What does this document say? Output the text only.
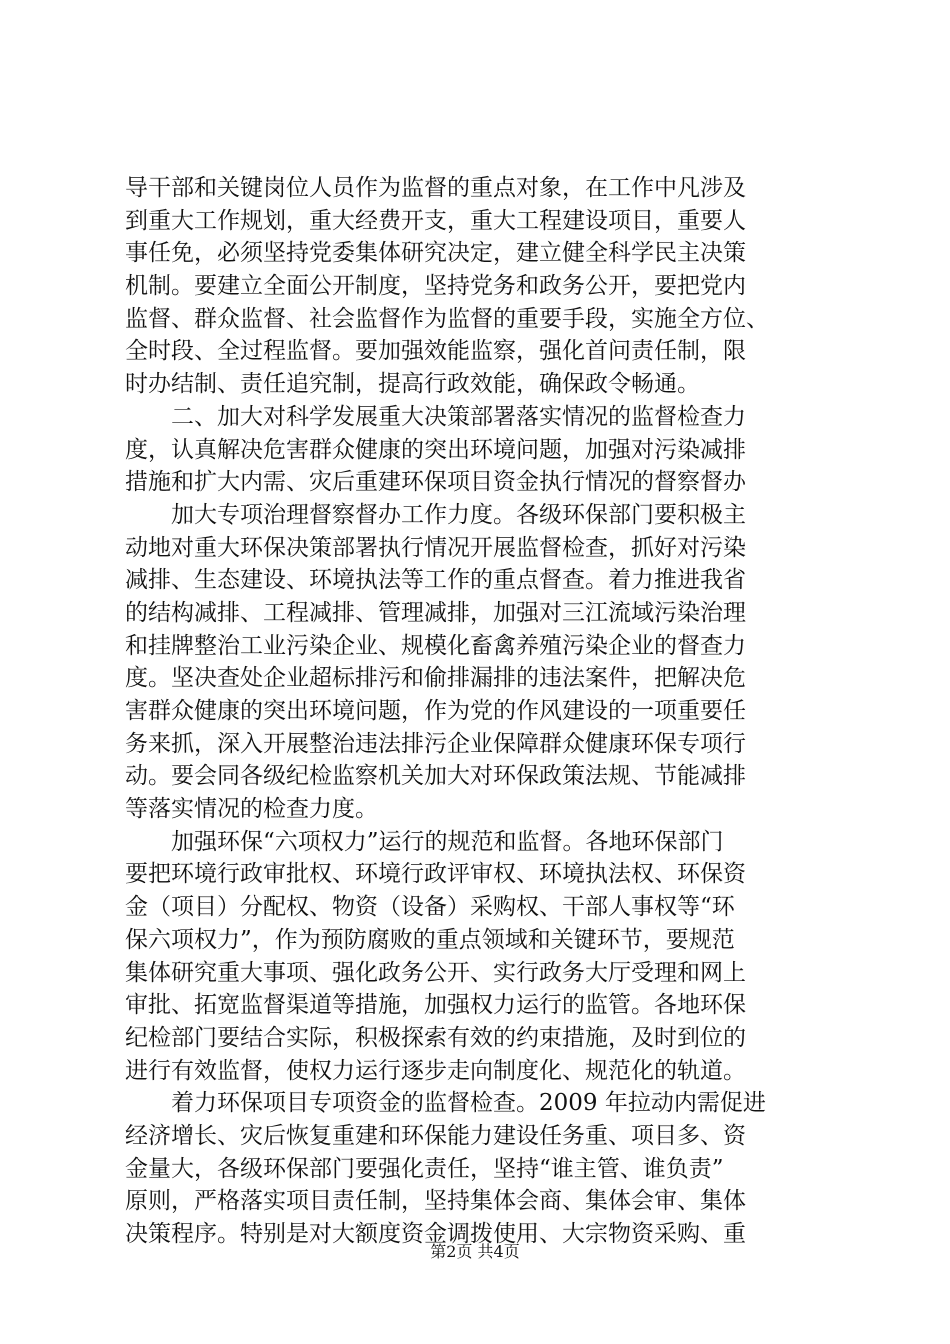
导干部和关键岗位人员作为监督的重点对象，在工作中凡涉及
到重大工作规划，重大经费开支，重大工程建设项目，重要人
事任免，必须坚持党委集体研究决定，建立健全科学民主决策
机制。要建立全面公开制度，坚持党务和政务公开，要把党内
监督、群众监督、社会监督作为监督的重要手段，实施全方位、
全时段、全过程监督。要加强效能监察，强化首问责任制，限
时办结制、责任追究制，提高行政效能，确保政令畅通。
　　二、加大对科学发展重大决策部署落实情况的监督检查力
度，认真解决危害群众健康的突出环境问题，加强对污染减排
措施和扩大内需、灾后重建环保项目资金执行情况的督察督办
　　加大专项治理督察督办工作力度。各级环保部门要积极主
动地对重大环保决策部署执行情况开展监督检查，抓好对污染
减排、生态建设、环境执法等工作的重点督查。着力推进我省
的结构减排、工程减排、管理减排，加强对三江流域污染治理
和挂牌整治工业污染企业、规模化畜禽养殖污染企业的督查力
度。坚决查处企业超标排污和偷排漏排的违法案件，把解决危
害群众健康的突出环境问题，作为党的作风建设的一项重要任
务来抓，深入开展整治违法排污企业保障群众健康环保专项行
动。要会同各级纪检监察机关加大对环保政策法规、节能减排
等落实情况的检查力度。
　　加强环保“六项权力”运行的规范和监督。各地环保部门
要把环境行政审批权、环境行政评审权、环境执法权、环保资
金（项目）分配权、物资（设备）采购权、干部人事权等“环
保六项权力”，作为预防腐败的重点领域和关键环节，要规范
集体研究重大事项、强化政务公开、实行政务大厅受理和网上
审批、拓宽监督渠道等措施，加强权力运行的监管。各地环保
纪检部门要结合实际，积极探索有效的约束措施，及时到位的
进行有效监督，使权力运行逐步走向制度化、规范化的轨道。
　　着力环保项目专项资金的监督检查。2009 年拉动内需促进
经济增长、灾后恢复重建和环保能力建设任务重、项目多、资
金量大，各级环保部门要强化责任，坚持“谁主管、谁负责”
原则，严格落实项目责任制，坚持集体会商、集体会审、集体
决策程序。特别是对大额度资金调拨使用、大宗物资采购、重
第2页 共4页
